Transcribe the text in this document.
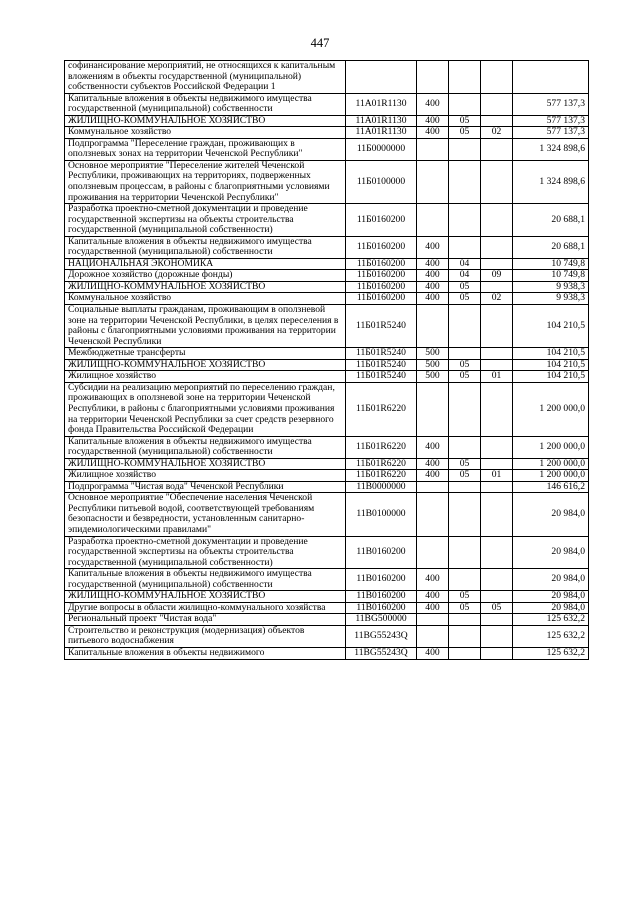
447
софинансирование мероприятий, не относящихся к капитальным вложениям в объекты государственной (муниципальной) собственности субъектов Российской Федерации 1					
Капитальные вложения в объекты недвижимого имущества государственной (муниципальной) собственности	11А01R1130	400			577 137,3
ЖИЛИЩНО-КОММУНАЛЬНОЕ ХОЗЯЙСТВО	11А01R1130	400	05		577 137,3
Коммунальное хозяйство	11А01R1130	400	05	02	577 137,3
Подпрограмма "Переселение граждан, проживающих в оползневых зонах на территории Чеченской Республики"	11Б0000000				1 324 898,6
Основное мероприятие "Переселение жителей Чеченской Республики, проживающих на территориях, подверженных оползневым процессам, в районы с благоприятными условиями проживания на территории Чеченской Республики"	11Б0100000				1 324 898,6
Разработка проектно-сметной документации и проведение государственной экспертизы на объекты строительства государственной (муниципальной собственности)	11Б0160200				20 688,1
Капитальные вложения в объекты недвижимого имущества государственной (муниципальной) собственности	11Б0160200	400			20 688,1
НАЦИОНАЛЬНАЯ ЭКОНОМИКА	11Б0160200	400	04		10 749,8
Дорожное хозяйство (дорожные фонды)	11Б0160200	400	04	09	10 749,8
ЖИЛИЩНО-КОММУНАЛЬНОЕ ХОЗЯЙСТВО	11Б0160200	400	05		9 938,3
Коммунальное хозяйство	11Б0160200	400	05	02	9 938,3
Социальные выплаты гражданам, проживающим в оползневой зоне на территории Чеченской Республики, в целях переселения в районы с благоприятными условиями проживания на территории Чеченской Республики	11Б01R5240				104 210,5
Межбюджетные трансферты	11Б01R5240	500			104 210,5
ЖИЛИЩНО-КОММУНАЛЬНОЕ ХОЗЯЙСТВО	11Б01R5240	500	05		104 210,5
Жилищное хозяйство	11Б01R5240	500	05	01	104 210,5
Субсидии на реализацию мероприятий по переселению граждан, проживающих в оползневой зоне на территории Чеченской Республики, в районы с благоприятными условиями проживания на территории Чеченской Республики за счет средств резервного фонда Правительства Российской Федерации	11Б01R6220				1 200 000,0
Капитальные вложения в объекты недвижимого имущества государственной (муниципальной) собственности	11Б01R6220	400			1 200 000,0
ЖИЛИЩНО-КОММУНАЛЬНОЕ ХОЗЯЙСТВО	11Б01R6220	400	05		1 200 000,0
Жилищное хозяйство	11Б01R6220	400	05	01	1 200 000,0
Подпрограмма "Чистая вода" Чеченской Республики	11В0000000				146 616,2
Основное мероприятие "Обеспечение населения Чеченской Республики питьевой водой, соответствующей требованиям безопасности и безвредности, установленным санитарно-эпидемиологическими правилами"	11В0100000				20 984,0
Разработка проектно-сметной документации и проведение государственной экспертизы на объекты строительства государственной (муниципальной собственности)	11В0160200				20 984,0
Капитальные вложения в объекты недвижимого имущества государственной (муниципальной) собственности	11В0160200	400			20 984,0
ЖИЛИЩНО-КОММУНАЛЬНОЕ ХОЗЯЙСТВО	11В0160200	400	05		20 984,0
Другие вопросы в области жилищно-коммунального хозяйства	11В0160200	400	05	05	20 984,0
Региональный проект "Чистая вода"	11ВG500000				125 632,2
Строительство и реконструкция (модернизация) объектов питьевого водоснабжения	11ВG55243Q				125 632,2
Капитальные вложения в объекты недвижимого	11ВG55243Q	400			125 632,2
